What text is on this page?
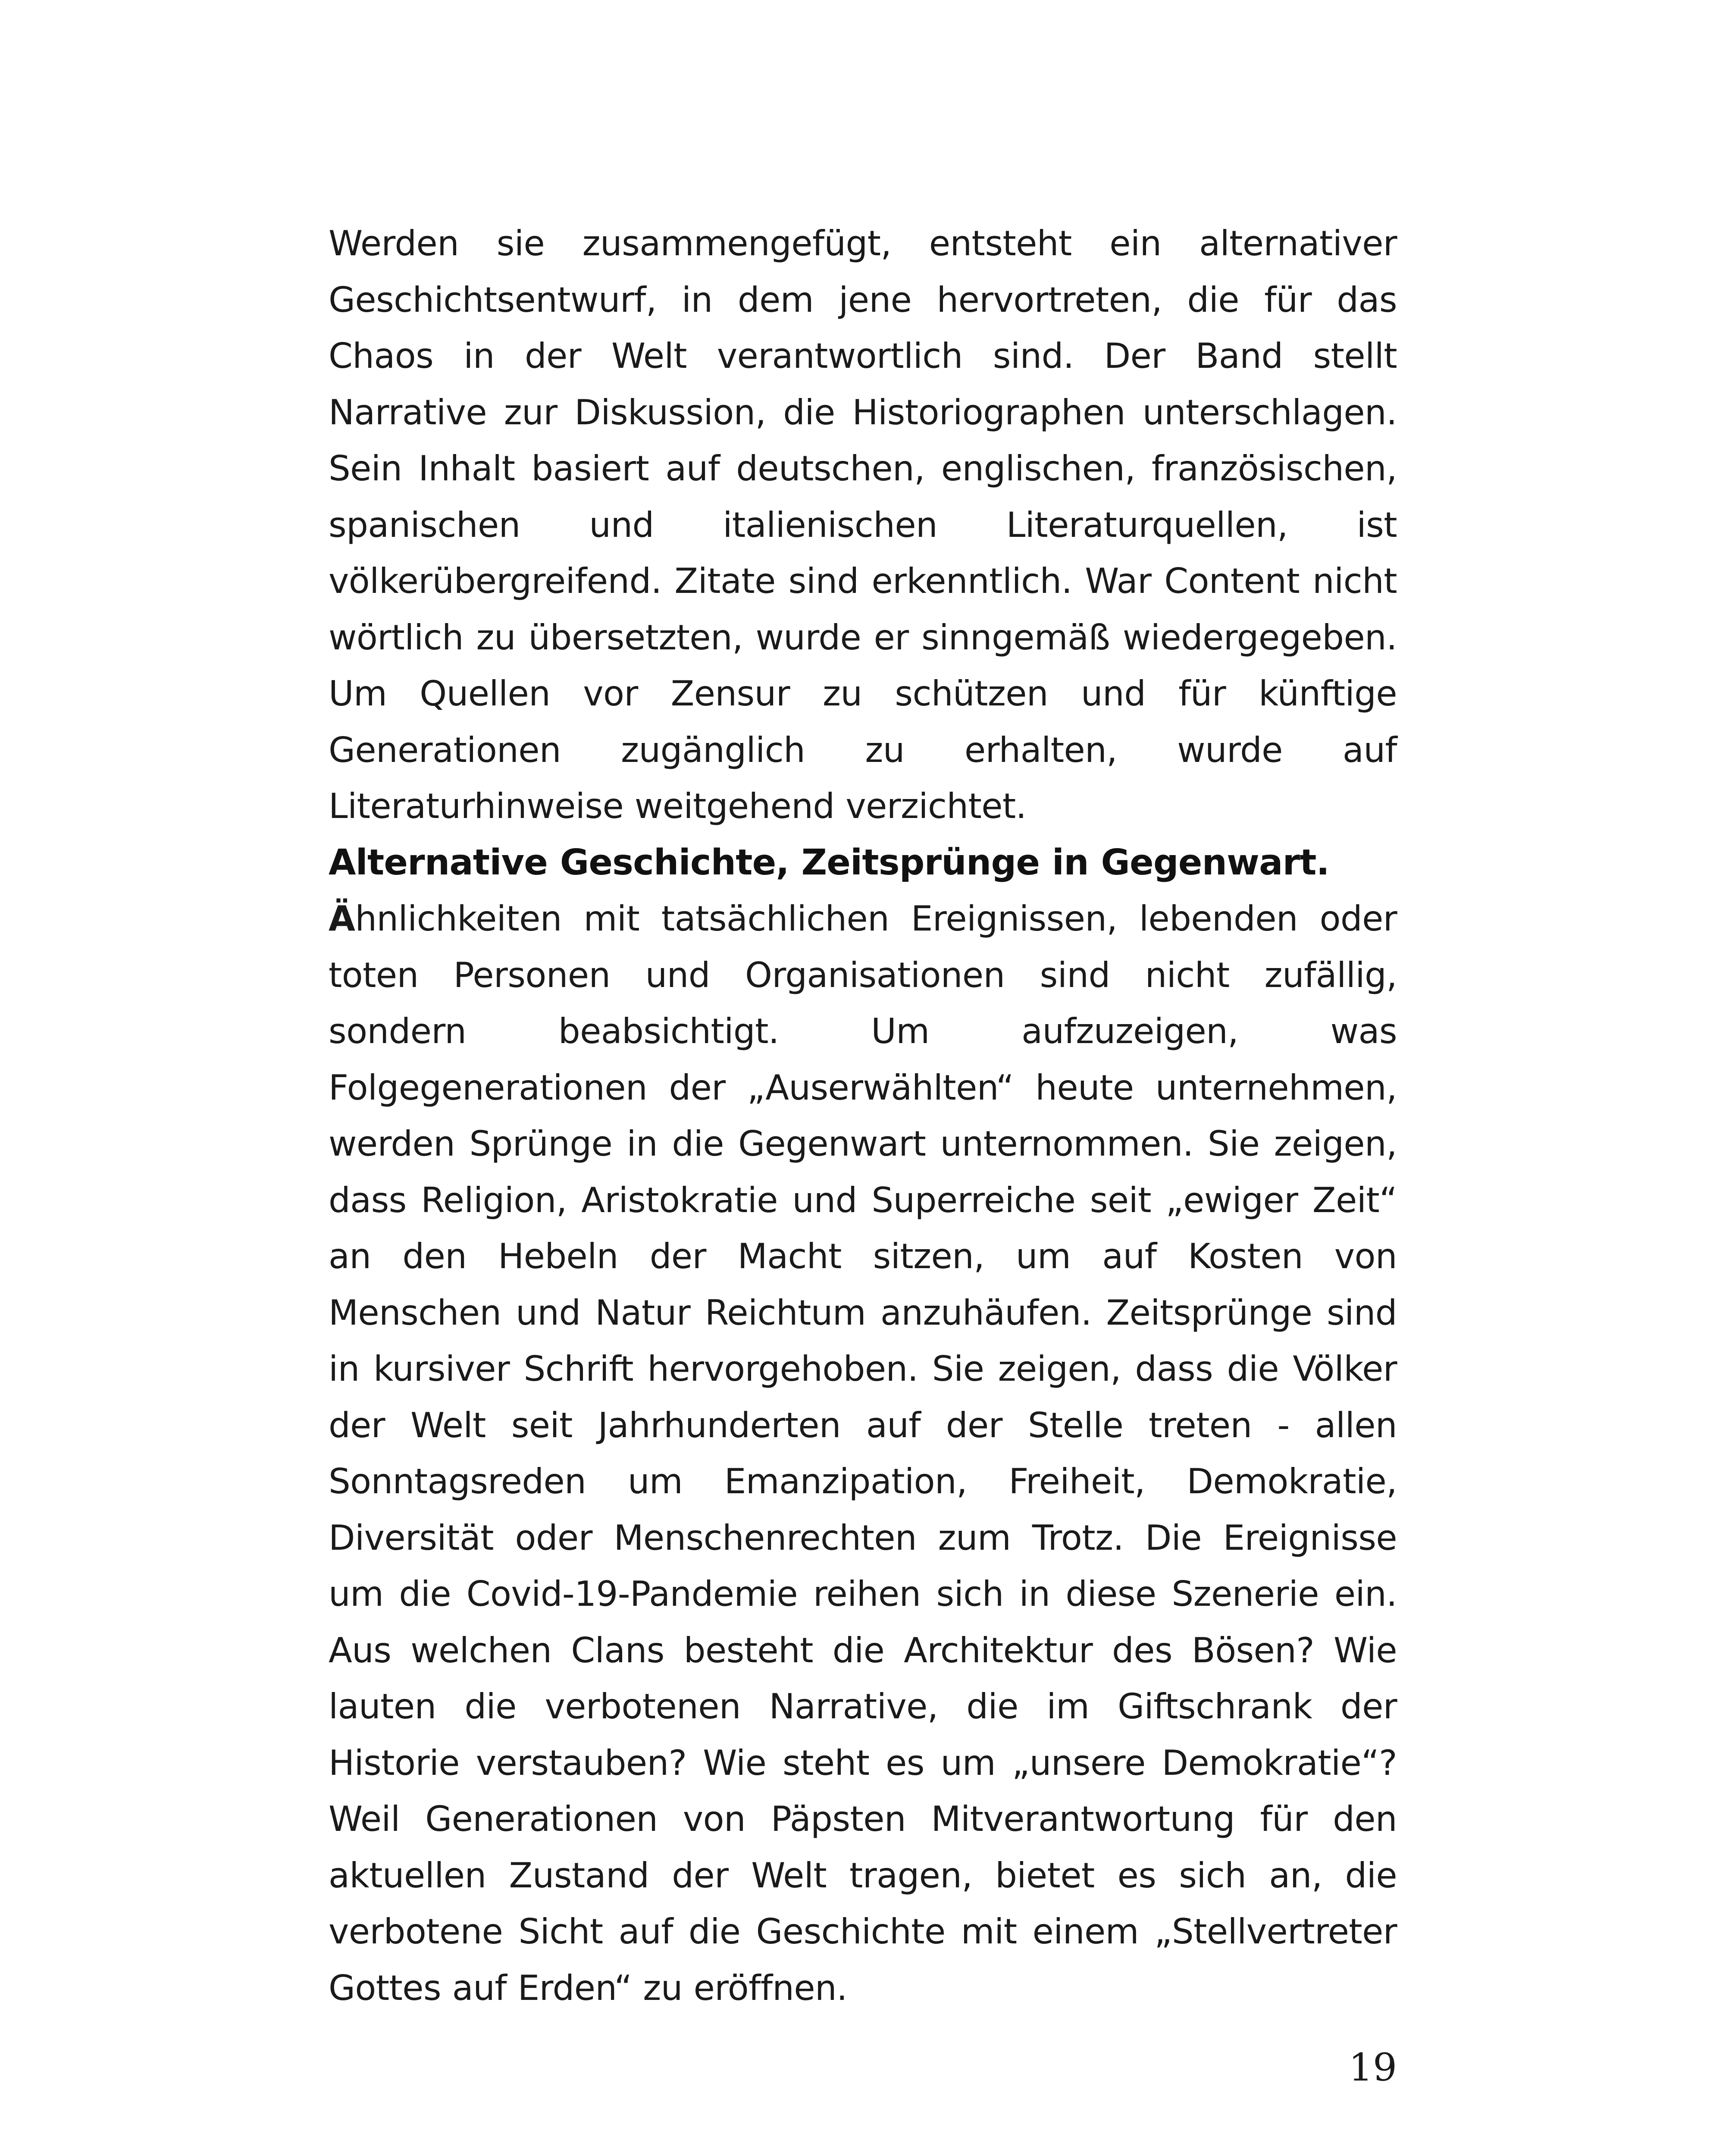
Werden sie zusammengefügt, entsteht ein alternativer Geschichtsentwurf, in dem jene hervortreten, die für das Chaos in der Welt verantwortlich sind. Der Band stellt Narrative zur Diskussion, die Historiographen unterschlagen. Sein Inhalt basiert auf deutschen, englischen, französischen, spanischen und italienischen Literaturquellen, ist völkerübergreifend. Zitate sind erkenntlich. War Content nicht wörtlich zu übersetzten, wurde er sinngemäß wiedergegeben. Um Quellen vor Zensur zu schützen und für künftige Generationen zugänglich zu erhalten, wurde auf Literaturhinweise weitgehend verzichtet.

Alternative Geschichte, Zeitsprünge in Gegenwart.

Ähnlichkeiten mit tatsächlichen Ereignissen, lebenden oder toten Personen und Organisationen sind nicht zufällig, sondern beabsichtigt. Um aufzuzeigen, was Folgegenerationen der „Auserwählten“ heute unternehmen, werden Sprünge in die Gegenwart unternommen. Sie zeigen, dass Religion, Aristokratie und Superreiche seit „ewiger Zeit“ an den Hebeln der Macht sitzen, um auf Kosten von Menschen und Natur Reichtum anzuhäufen. Zeitsprünge sind in kursiver Schrift hervorgehoben. Sie zeigen, dass die Völker der Welt seit Jahrhunderten auf der Stelle treten - allen Sonntagsreden um Emanzipation, Freiheit, Demokratie, Diversität oder Menschenrechten zum Trotz. Die Ereignisse um die Covid-19-Pandemie reihen sich in diese Szenerie ein. Aus welchen Clans besteht die Architektur des Bösen? Wie lauten die verbotenen Narrative, die im Giftschrank der Historie verstauben? Wie steht es um „unsere Demokratie“? Weil Generationen von Päpsten Mitverantwortung für den aktuellen Zustand der Welt tragen, bietet es sich an, die verbotene Sicht auf die Geschichte mit einem „Stellvertreter Gottes auf Erden“ zu eröffnen.

19
